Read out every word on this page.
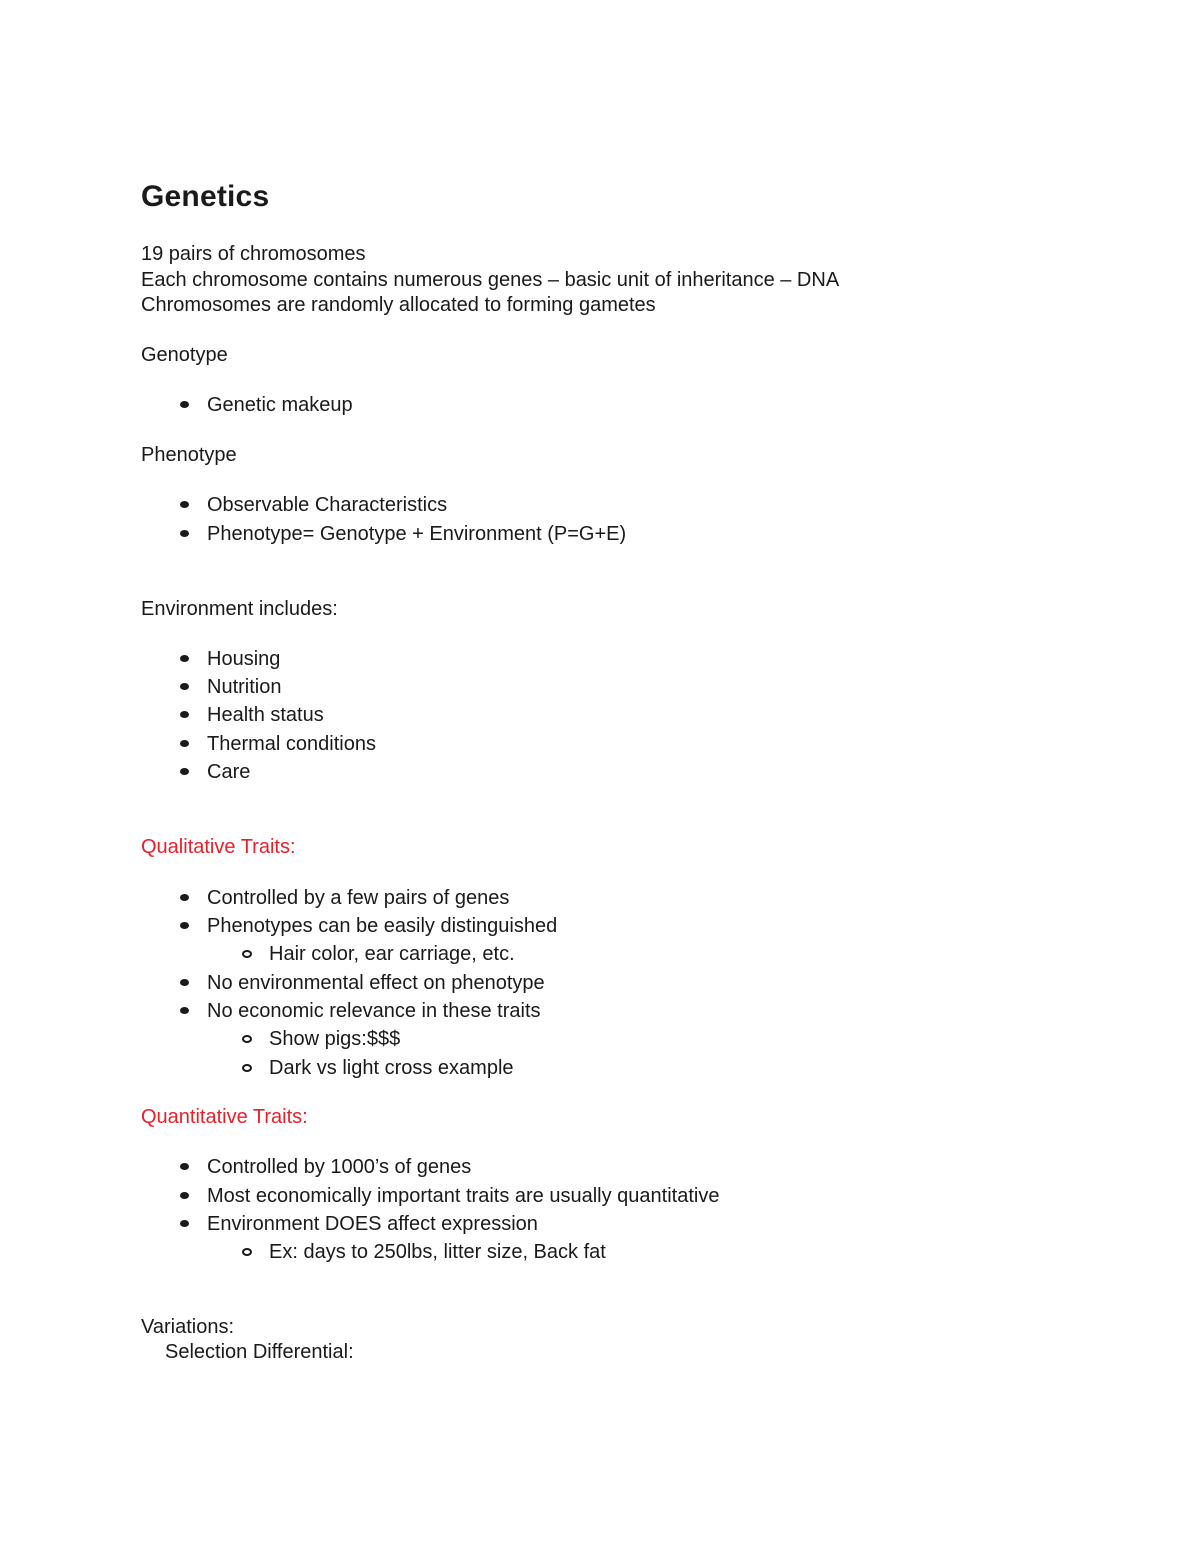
Genetics

19 pairs of chromosomes

Each chromosome contains numerous genes – basic unit of inheritance – DNA

Chromosomes are randomly allocated to forming gametes

Genotype

Genetic makeup

Phenotype

Observable Characteristics
Phenotype= Genotype + Environment (P=G+E)

Environment includes:

Housing
Nutrition
Health status
Thermal conditions
Care

Qualitative Traits:

Controlled by a few pairs of genes
Phenotypes can be easily distinguished
Hair color, ear carriage, etc.
No environmental effect on phenotype
No economic relevance in these traits
Show pigs:$$$
Dark vs light cross example

Quantitative Traits:

Controlled by 1000’s of genes
Most economically important traits are usually quantitative
Environment DOES affect expression
Ex: days to 250lbs, litter size, Back fat

Variations:

Selection Differential:
